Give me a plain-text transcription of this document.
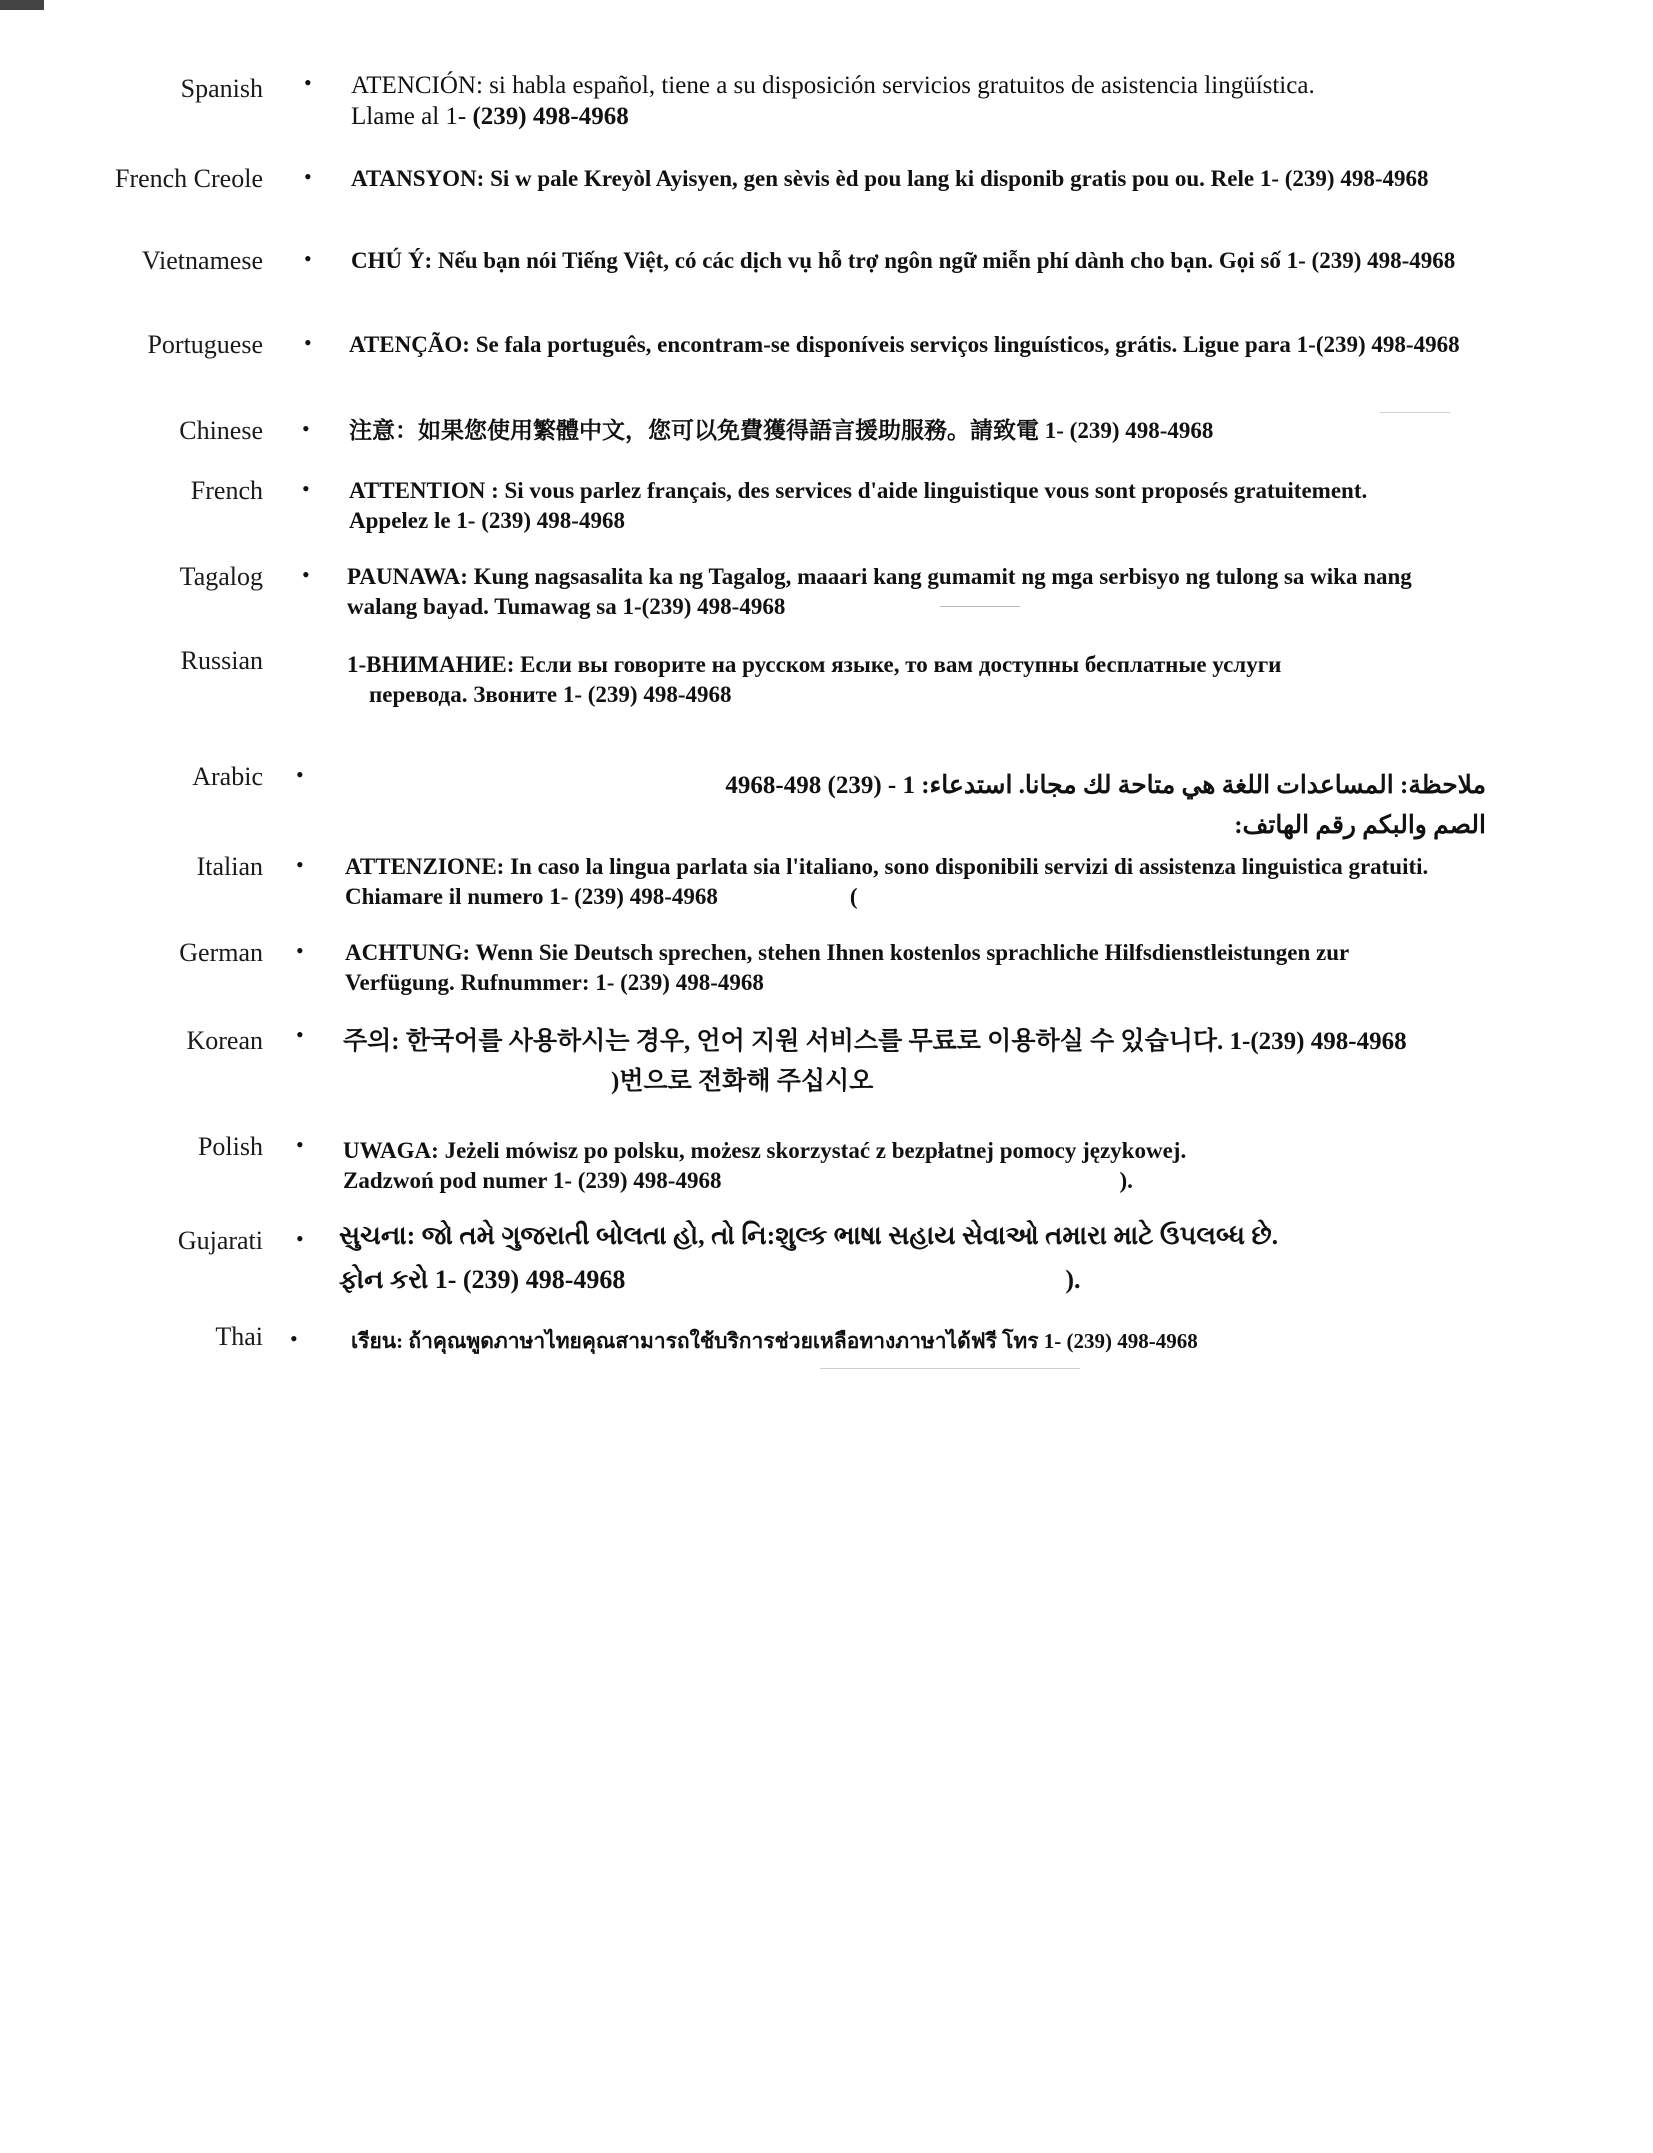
Spanish • ATENCIÓN: si habla español, tiene a su disposición servicios gratuitos de asistencia lingüística.
Llame al 1- (239) 498-4968
French Creole • ATANSYON: Si w pale Kreyòl Ayisyen, gen sèvis èd pou lang ki disponib gratis pou ou. Rele 1- (239) 498-4968
Vietnamese • CHÚ Ý: Nếu bạn nói Tiếng Việt, có các dịch vụ hỗ trợ ngôn ngữ miễn phí dành cho bạn. Gọi số 1- (239) 498-4968
Portuguese • ATENÇÃO: Se fala português, encontram-se disponíveis serviços linguísticos, grátis. Ligue para 1-(239) 498-4968
Chinese • 注意：如果您使用繁體中文，您可以免費獲得語言援助服務。請致電 1- (239) 498-4968
French • ATTENTION : Si vous parlez français, des services d'aide linguistique vous sont proposés gratuitement.
Appelez le 1- (239) 498-4968
Tagalog • PAUNAWA: Kung nagsasalita ka ng Tagalog, maaari kang gumamit ng mga serbisyo ng tulong sa wika nang
walang bayad. Tumawag sa 1-(239) 498-4968
Russian	1-ВНИМАНИЕ: Если вы говорите на русском языке, то вам доступны бесплатные услуги
перевода. Звоните 1- (239) 498-4968
Arabic •	ملاحظة: المساعدات اللغة هي متاحة لك مجانا. استدعاء: 1 - (239) 498-4968
الصم والبكم رقم الهاتف:
Italian • ATTENZIONE: In caso la lingua parlata sia l'italiano, sono disponibili servizi di assistenza linguistica gratuiti.
Chiamare il numero 1- (239) 498-4968	(
German • ACHTUNG: Wenn Sie Deutsch sprechen, stehen Ihnen kostenlos sprachliche Hilfsdienstleistungen zur
Verfügung. Rufnummer: 1- (239) 498-4968
Korean • 주의: 한국어를 사용하시는 경우, 언어 지원 서비스를 무료로 이용하실 수 있습니다. 1-(239) 498-4968
)번으로 전화해 주십시오
Polish • UWAGA: Jeżeli mówisz po polsku, możesz skorzystać z bezpłatnej pomocy językowej.
Zadzwoń pod numer 1- (239) 498-4968	).
Gujarati • સુચના: જો તમે ગુજરાતી બોલતા હો, તો નિ:શુલ્ક ભાષા સહાય સેવાઓ તમારા માટે ઉપલબ્ધ છે.
ફોન કરો 1- (239) 498-4968	).
Thai •	เรียน: ถ้าคุณพูดภาษาไทยคุณสามารถใช้บริการช่วยเหลือทางภาษาได้ฟรี โทร 1- (239) 498-4968
